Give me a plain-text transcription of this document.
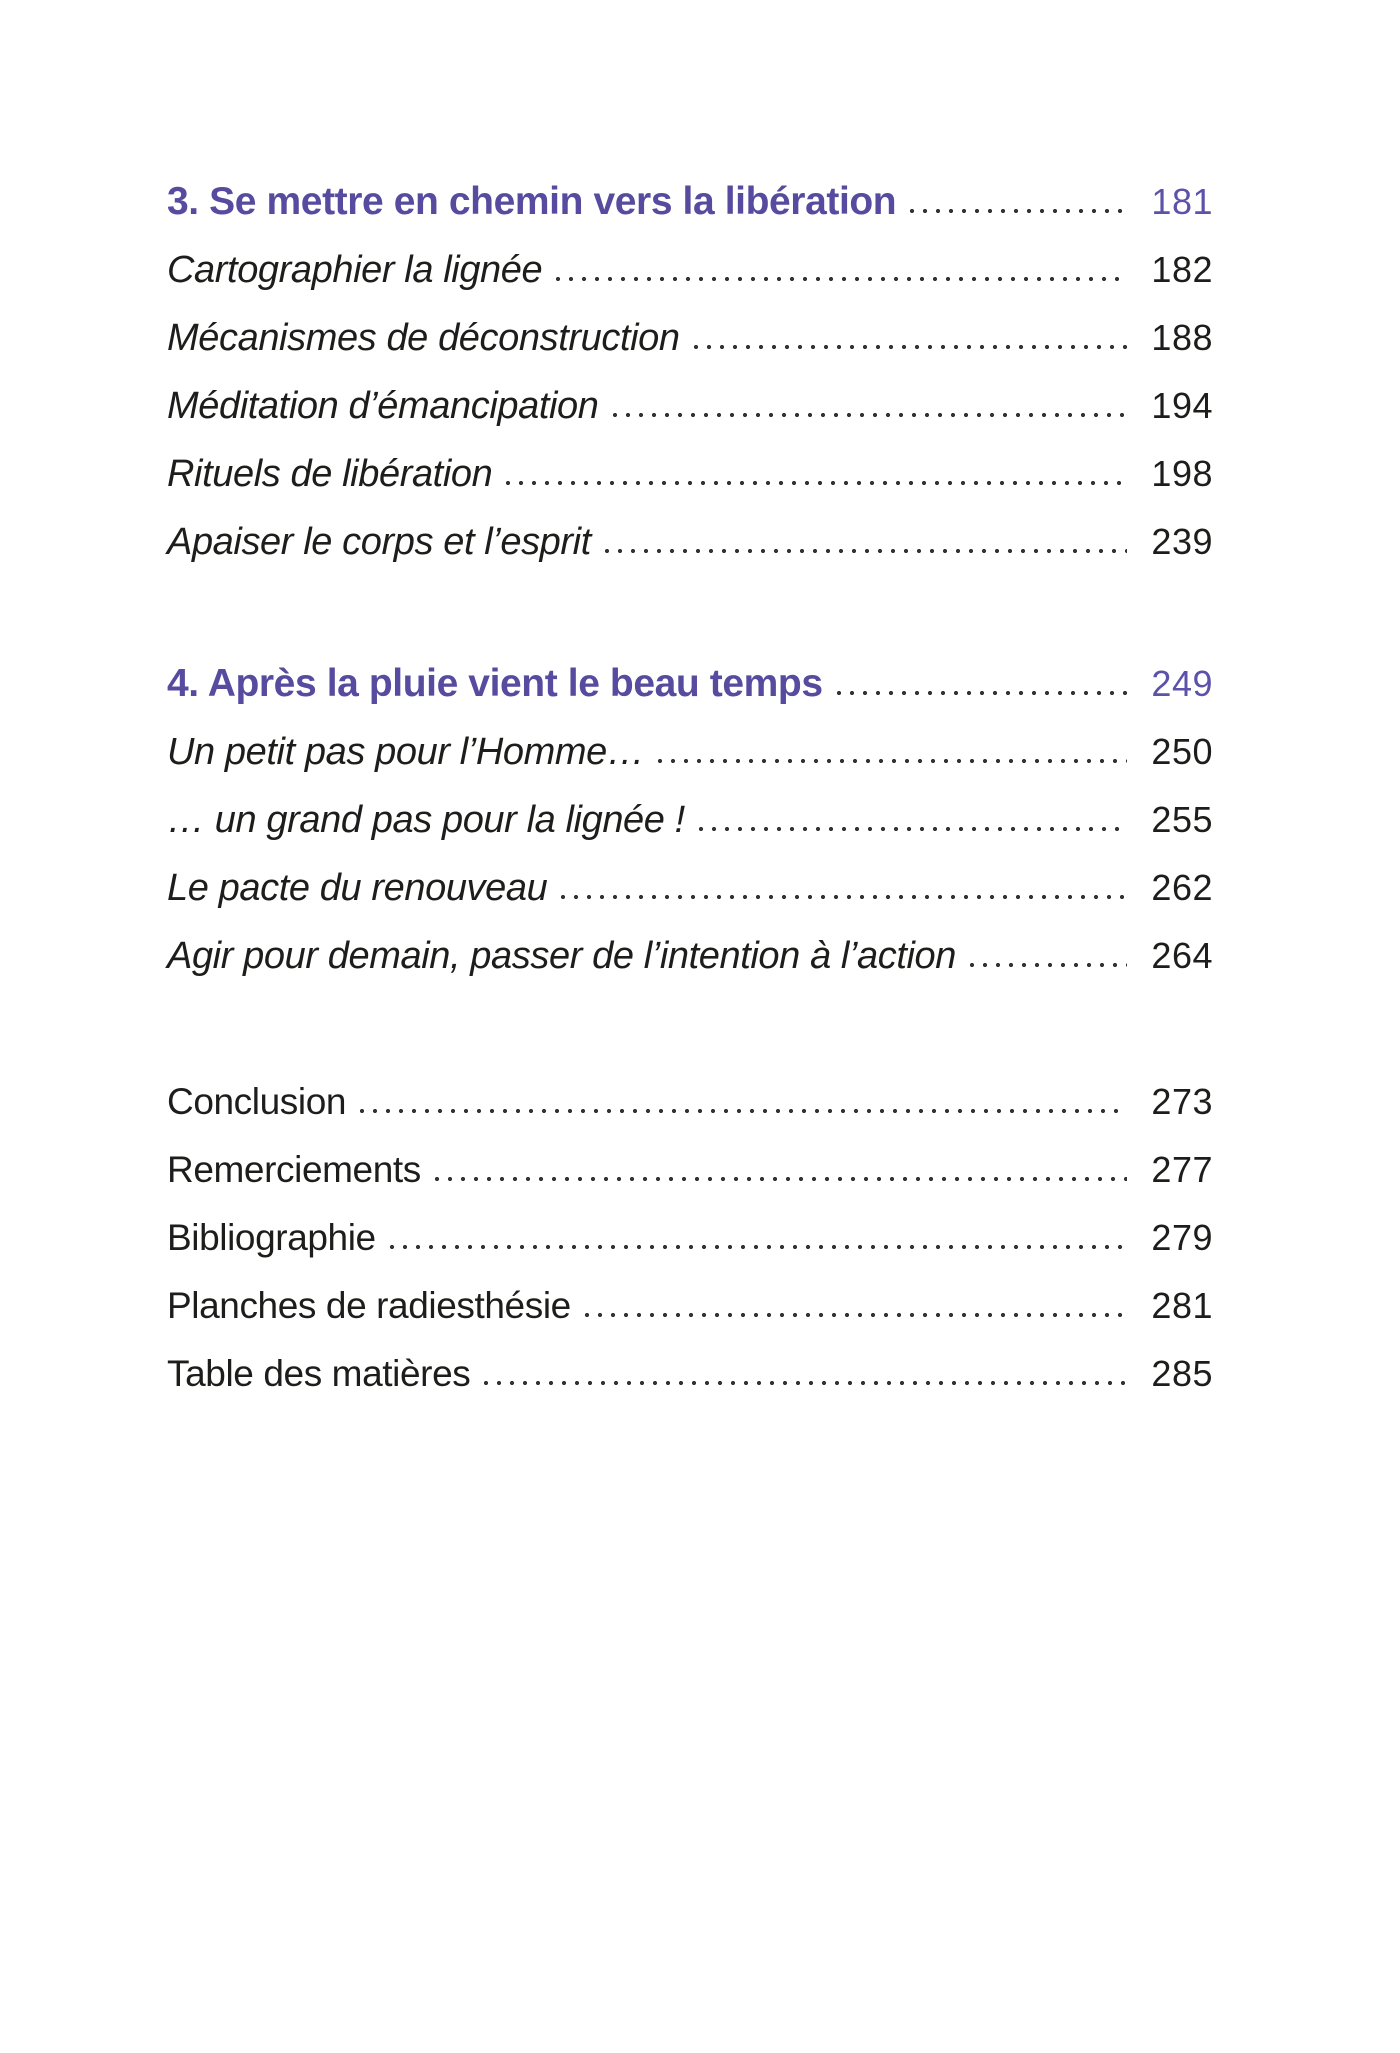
3. Se mettre en chemin vers la libération	181
Cartographier la lignée	182
Mécanismes de déconstruction	188
Méditation d’émancipation	194
Rituels de libération	198
Apaiser le corps et l’esprit	239
4. Après la pluie vient le beau temps	249
Un petit pas pour l’Homme…	250
… un grand pas pour la lignée !	255
Le pacte du renouveau	262
Agir pour demain, passer de l’intention à l’action	264
Conclusion	273
Remerciements	277
Bibliographie	279
Planches de radiesthésie	281
Table des matières	285
